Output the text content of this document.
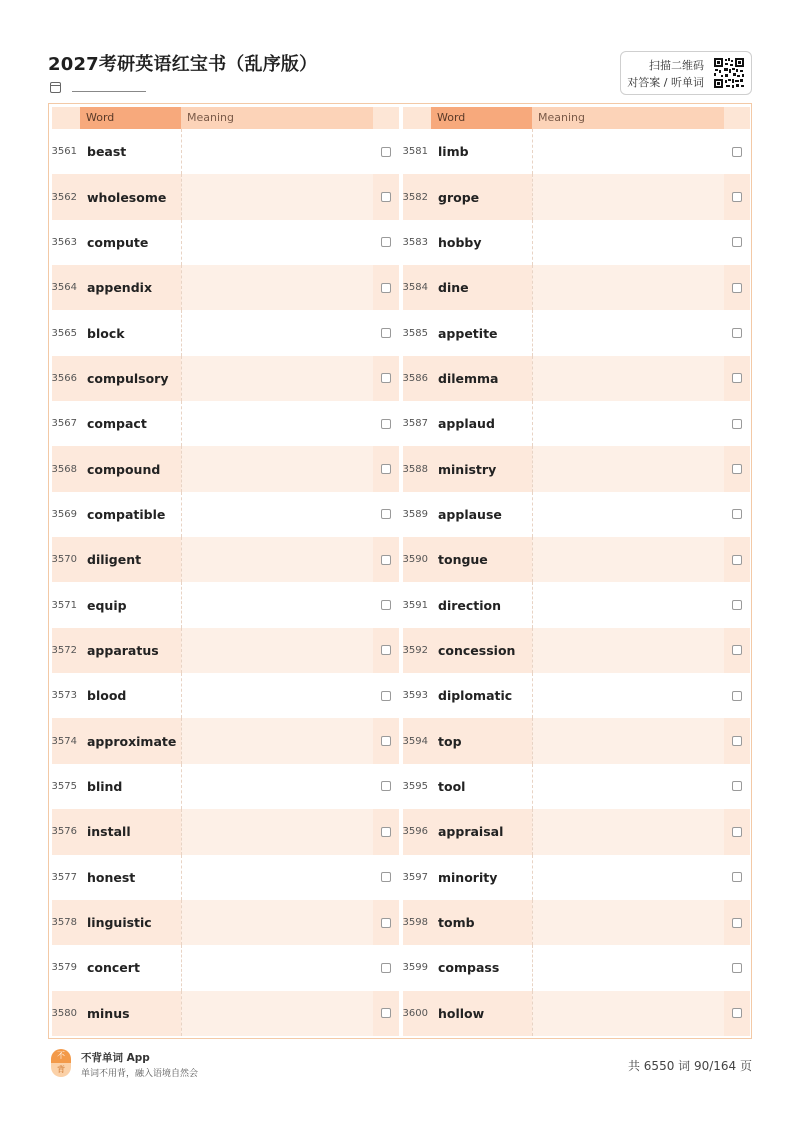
2027考研英语红宝书（乱序版）	扫描二维码
对答案 / 听单词
Word	Meaning
3561 beast
3562 wholesome
3563 compute
3564 appendix
3565 block
3566 compulsory
3567 compact
3568 compound
3569 compatible
3570 diligent
3571 equip
3572 apparatus
3573 blood
3574 approximate
3575 blind
3576 install
3577 honest
3578 linguistic
3579 concert
3580 minus
Word	Meaning
3581 limb
3582 grope
3583 hobby
3584 dine
3585 appetite
3586 dilemma
3587 applaud
3588 ministry
3589 applause
3590 tongue
3591 direction
3592 concession
3593 diplomatic
3594 top
3595 tool
3596 appraisal
3597 minority
3598 tomb
3599 compass
3600 hollow
不
背
不背单词 App
单词不用背，融入语境自然会
共 6550 词 90/164 页
